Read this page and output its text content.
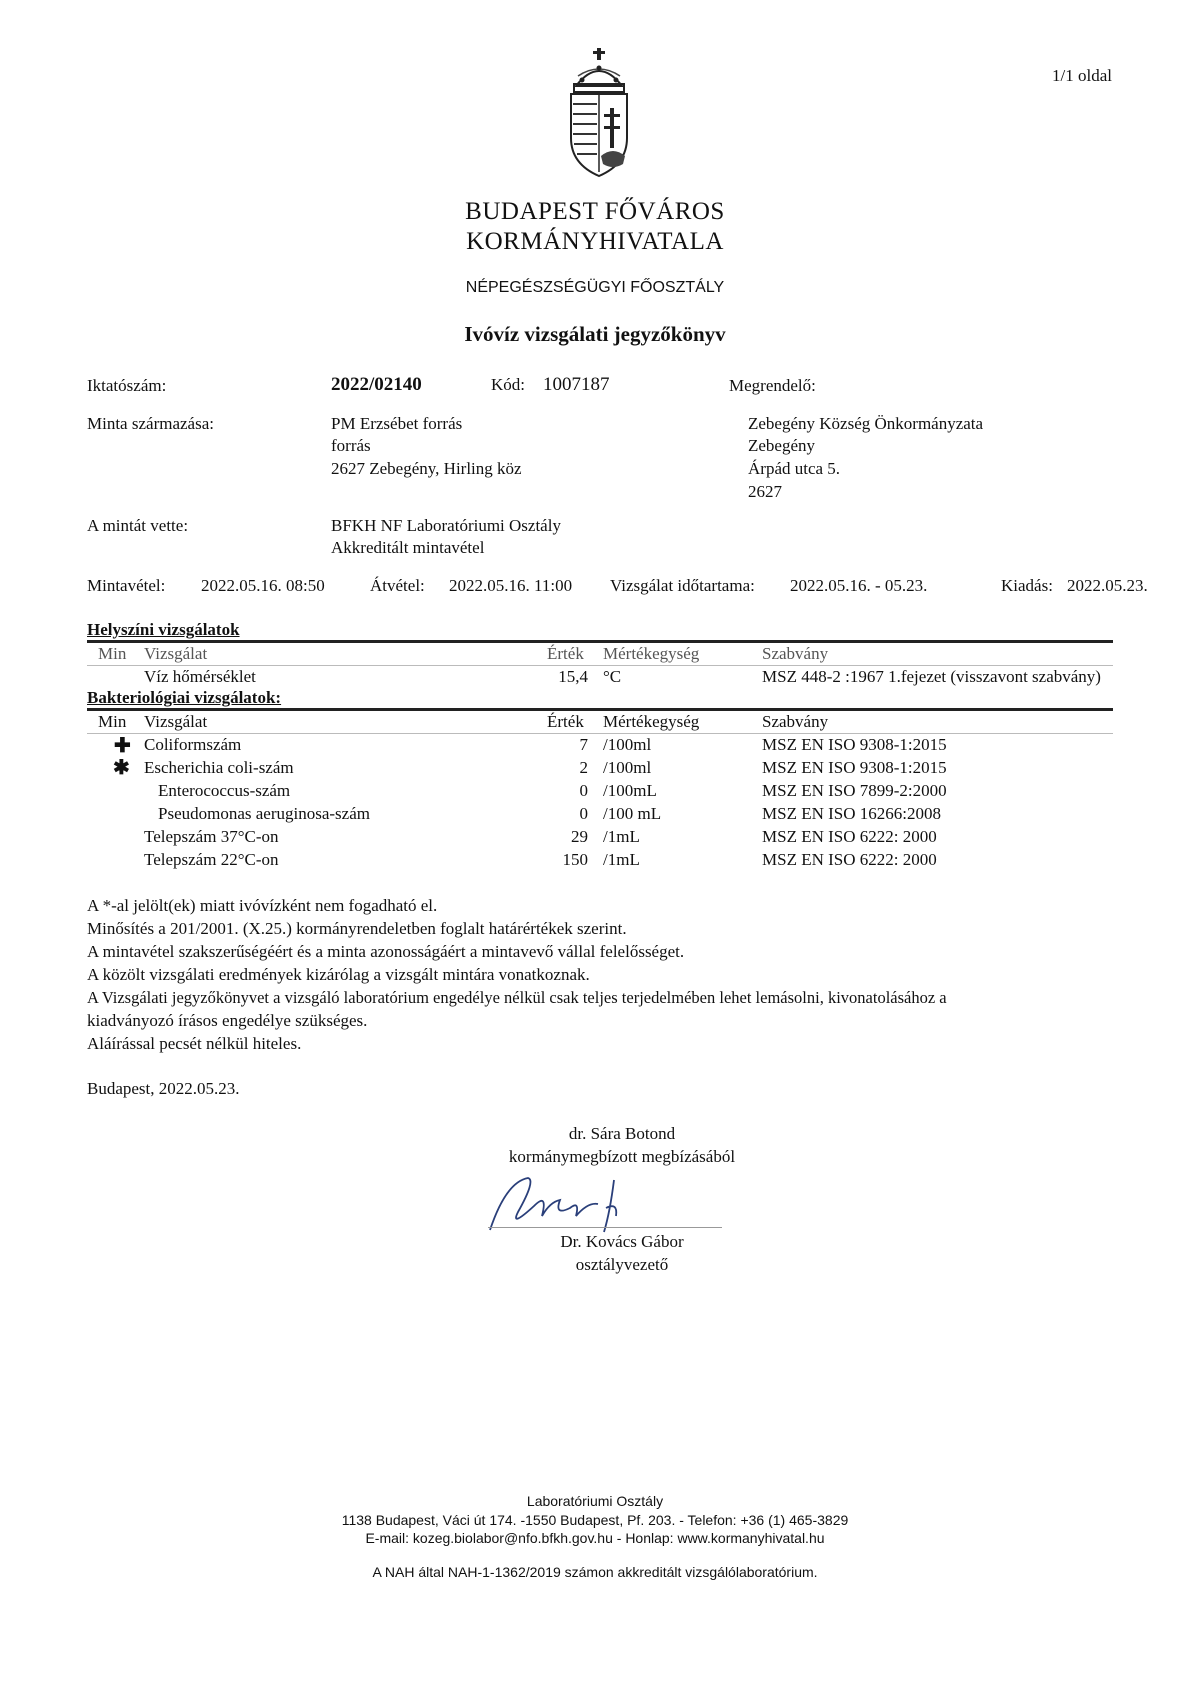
1/1 oldal
BUDAPEST FŐVÁROS
KORMÁNYHIVATALA
NÉPEGÉSZSÉGÜGYI FŐOSZTÁLY
Ivóvíz vizsgálati jegyzőkönyv
Iktatószám:	2022/02140	Kód: 1007187	Megrendelő:
Minta származása:	PM Erzsébet forrás
forrás
2627 Zebegény, Hirling köz
Zebegény Község Önkormányzata
Zebegény
Árpád utca 5.
2627
A mintát vette:	BFKH NF Laboratóriumi Osztály
Akkreditált mintavétel
Mintavétel: 2022.05.16. 08:50	Átvétel: 2022.05.16. 11:00 Vizsgálat időtartama: 2022.05.16. - 05.23.	Kiadás: 2022.05.23.
Helyszíni vizsgálatok
Min Vizsgálat	Érték Mértékegység	Szabvány
Víz hőmérséklet	15,4 °C	MSZ 448-2 :1967 1.fejezet (visszavont szabvány)
Bakteriológiai vizsgálatok:
Min Vizsgálat	Érték Mértékegység	Szabvány
✚ Coliformszám	7 /100ml	MSZ EN ISO 9308-1:2015
✱ Escherichia coli-szám	2 /100ml	MSZ EN ISO 9308-1:2015
Enterococcus-szám	0 /100mL	MSZ EN ISO 7899-2:2000
Pseudomonas aeruginosa-szám	0 /100 mL	MSZ EN ISO 16266:2008
Telepszám 37°C-on	29 /1mL	MSZ EN ISO 6222: 2000
Telepszám 22°C-on	150 /1mL	MSZ EN ISO 6222: 2000
A *-al jelölt(ek) miatt ivóvízként nem fogadható el.
Minősítés a 201/2001. (X.25.) kormányrendeletben foglalt határértékek szerint.
A mintavétel szakszerűségéért és a minta azonosságáért a mintavevő vállal felelősséget.
A közölt vizsgálati eredmények kizárólag a vizsgált mintára vonatkoznak.
A Vizsgálati jegyzőkönyvet a vizsgáló laboratórium engedélye nélkül csak teljes terjedelmében lehet lemásolni, kivonatolásához a
kiadványozó írásos engedélye szükséges.
Aláírással pecsét nélkül hiteles.
Budapest, 2022.05.23.
dr. Sára Botond
kormánymegbízott megbízásából
Dr. Kovács Gábor
osztályvezető
Laboratóriumi Osztály
1138 Budapest, Váci út 174. -1550 Budapest, Pf. 203. - Telefon: +36 (1) 465-3829
E-mail: kozeg.biolabor@nfo.bfkh.gov.hu - Honlap: www.kormanyhivatal.hu
A NAH által NAH-1-1362/2019 számon akkreditált vizsgálólaboratórium.
